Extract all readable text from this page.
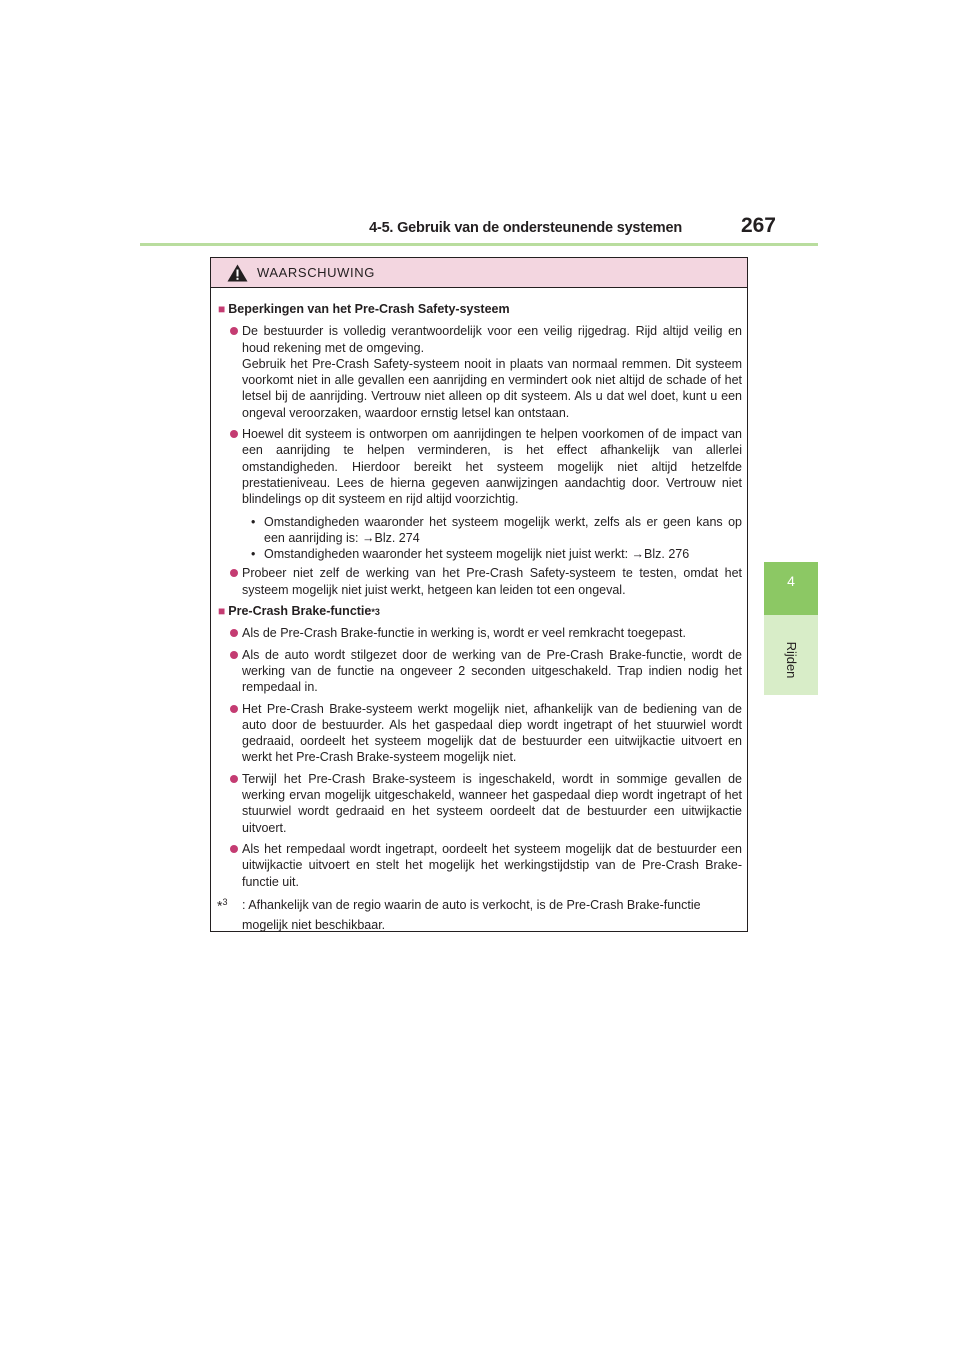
4-5. Gebruik van de ondersteunende systemen	267
4
Rijden
WAARSCHUWING
■ Beperkingen van het Pre-Crash Safety-systeem

De bestuurder is volledig verantwoordelijk voor een veilig rijgedrag. Rijd altijd veilig en houd rekening met de omgeving.

Gebruik het Pre-Crash Safety-systeem nooit in plaats van normaal remmen. Dit systeem voorkomt niet in alle gevallen een aanrijding en vermindert ook niet altijd de schade of het letsel bij de aanrijding. Vertrouw niet alleen op dit systeem. Als u dat wel doet, kunt u een ongeval veroorzaken, waardoor ernstig letsel kan ontstaan.

Hoewel dit systeem is ontworpen om aanrijdingen te helpen voorkomen of de impact van een aanrijding te helpen verminderen, is het effect afhankelijk van allerlei omstandigheden. Hierdoor bereikt het systeem mogelijk niet altijd hetzelfde prestatieniveau. Lees de hierna gegeven aanwijzingen aandachtig door. Vertrouw niet blindelings op dit systeem en rijd altijd voorzichtig.

• Omstandigheden waaronder het systeem mogelijk werkt, zelfs als er geen kans op een aanrijding is: →Blz. 274

• Omstandigheden waaronder het systeem mogelijk niet juist werkt: →Blz. 276

Probeer niet zelf de werking van het Pre-Crash Safety-systeem te testen, omdat het systeem mogelijk niet juist werkt, hetgeen kan leiden tot een ongeval.

■ Pre-Crash Brake-functie *3

Als de Pre-Crash Brake-functie in werking is, wordt er veel remkracht toegepast.

Als de auto wordt stilgezet door de werking van de Pre-Crash Brake-functie, wordt de werking van de functie na ongeveer 2 seconden uitgeschakeld. Trap indien nodig het rempedaal in.

Het Pre-Crash Brake-systeem werkt mogelijk niet, afhankelijk van de bediening van de auto door de bestuurder. Als het gaspedaal diep wordt ingetrapt of het stuurwiel wordt gedraaid, oordeelt het systeem mogelijk dat de bestuurder een uitwijkactie uitvoert en werkt het Pre-Crash Brake-systeem mogelijk niet.

Terwijl het Pre-Crash Brake-systeem is ingeschakeld, wordt in sommige gevallen de werking ervan mogelijk uitgeschakeld, wanneer het gaspedaal diep wordt ingetrapt of het stuurwiel wordt gedraaid en het systeem oordeelt dat de bestuurder een uitwijkactie uitvoert.

Als het rempedaal wordt ingetrapt, oordeelt het systeem mogelijk dat de bestuurder een uitwijkactie uitvoert en stelt het mogelijk het werkingstijdstip van de Pre-Crash Brake-functie uit.

*$^3$ : Afhankelijk van de regio waarin de auto is verkocht, is de Pre-Crash Brake-functie mogelijk niet beschikbaar.
